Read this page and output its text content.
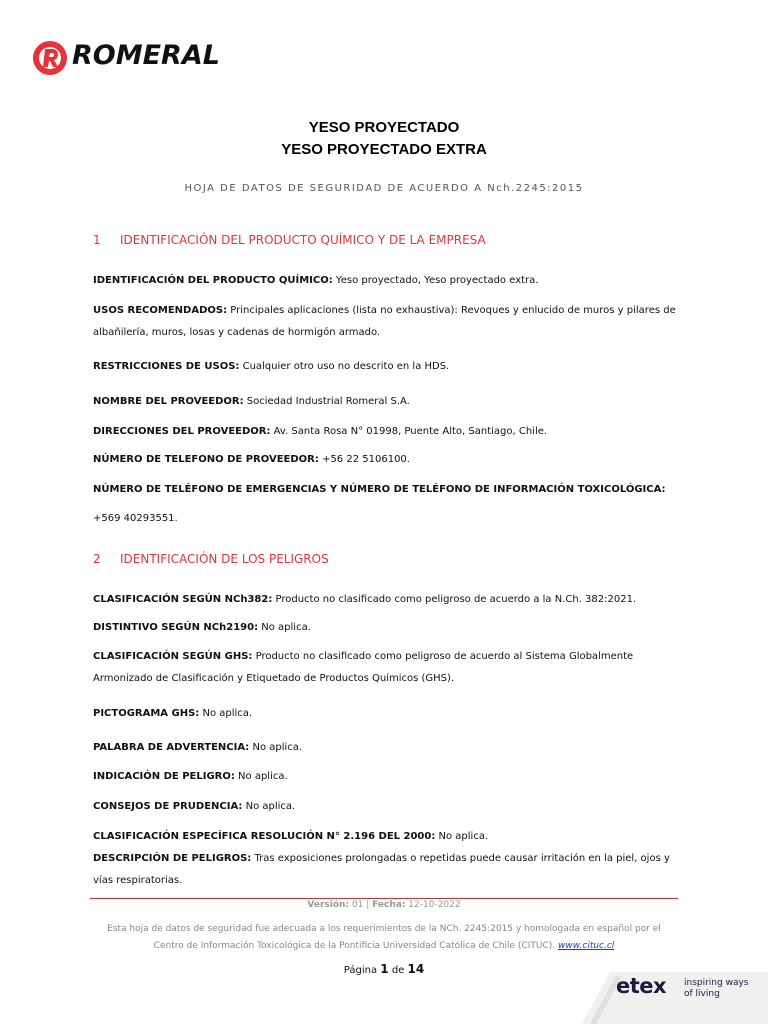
ROMERAL
YESO PROYECTADO
YESO PROYECTADO EXTRA
HOJA DE DATOS DE SEGURIDAD DE ACUERDO A Nch.2245:2015
1 IDENTIFICACIÓN DEL PRODUCTO QUÍMICO Y DE LA EMPRESA
IDENTIFICACIÓN DEL PRODUCTO QUÍMICO: Yeso proyectado, Yeso proyectado extra.
USOS RECOMENDADOS: Principales aplicaciones (lista no exhaustiva): Revoques y enlucido de muros y pilares de albañilería, muros, losas y cadenas de hormigón armado.
RESTRICCIONES DE USOS: Cualquier otro uso no descrito en la HDS.
NOMBRE DEL PROVEEDOR: Sociedad Industrial Romeral S.A.
DIRECCIONES DEL PROVEEDOR: Av. Santa Rosa N° 01998, Puente Alto, Santiago, Chile.
NÚMERO DE TELEFONO DE PROVEEDOR: +56 22 5106100.
NÚMERO DE TELÉFONO DE EMERGENCIAS Y NÚMERO DE TELÉFONO DE INFORMACIÓN TOXICOLÓGICA:
+569 40293551.
2 IDENTIFICACIÓN DE LOS PELIGROS
CLASIFICACIÓN SEGÚN NCh382: Producto no clasificado como peligroso de acuerdo a la N.Ch. 382:2021.
DISTINTIVO SEGÚN NCh2190: No aplica.
CLASIFICACIÓN SEGÚN GHS: Producto no clasificado como peligroso de acuerdo al Sistema Globalmente Armonizado de Clasificación y Etiquetado de Productos Químicos (GHS).
PICTOGRAMA GHS: No aplica.
PALABRA DE ADVERTENCIA: No aplica.
INDICACIÓN DE PELIGRO: No aplica.
CONSEJOS DE PRUDENCIA: No aplica.
CLASIFICACIÓN ESPECÍFICA RESOLUCIÓN N° 2.196 DEL 2000: No aplica.
DESCRIPCIÓN DE PELIGROS: Tras exposiciones prolongadas o repetidas puede causar irritación en la piel, ojos y vías respiratorias.
Versión: 01 | Fecha: 12-10-2022
Esta hoja de datos de seguridad fue adecuada a los requerimientos de la NCh. 2245:2015 y homologada en español por el
Centro de Información Toxicológica de la Pontificia Universidad Católica de Chile (CITUC). www.cituc.cl
Página 1 de 14
etex inspiring ways
of living
